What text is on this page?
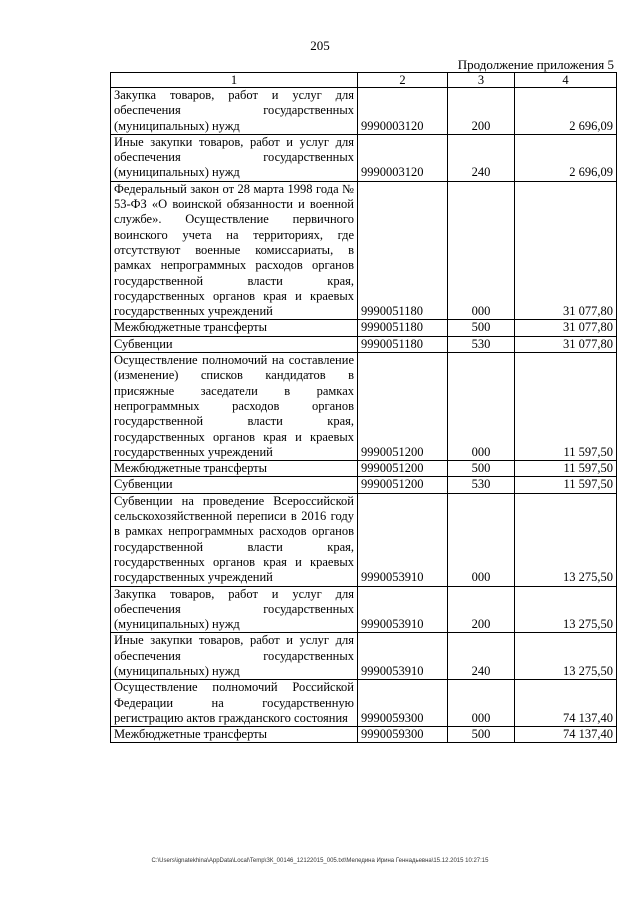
205
Продолжение приложения 5
1	2	3	4
Закупка товаров, работ и услуг для обеспечения государственных (муниципальных) нужд	9990003120	200	2 696,09
Иные закупки товаров, работ и услуг для обеспечения государственных (муниципальных) нужд	9990003120	240	2 696,09
Федеральный закон от 28 марта 1998 года № 53-ФЗ «О воинской обязанности и военной службе». Осуществление первичного воинского учета на территориях, где отсутствуют военные комиссариаты, в рамках непрограммных расходов органов государственной власти края, государственных органов края и краевых государственных учреждений	9990051180	000	31 077,80
Межбюджетные трансферты	9990051180	500	31 077,80
Субвенции	9990051180	530	31 077,80
Осуществление полномочий на составление (изменение) списков кандидатов в присяжные заседатели в рамках непрограммных расходов органов государственной власти края, государственных органов края и краевых государственных учреждений	9990051200	000	11 597,50
Межбюджетные трансферты	9990051200	500	11 597,50
Субвенции	9990051200	530	11 597,50
Субвенции на проведение Всероссийской сельскохозяйственной переписи в 2016 году в рамках непрограммных расходов органов государственной власти края, государственных органов края и краевых государственных учреждений	9990053910	000	13 275,50
Закупка товаров, работ и услуг для обеспечения государственных (муниципальных) нужд	9990053910	200	13 275,50
Иные закупки товаров, работ и услуг для обеспечения государственных (муниципальных) нужд	9990053910	240	13 275,50
Осуществление полномочий Российской Федерации на государственную регистрацию актов гражданского состояния	9990059300	000	74 137,40
Межбюджетные трансферты	9990059300	500	74 137,40
C:\Users\ignatekhina\AppData\Local\Temp\ЗК_00146_12122015_005.txt\Меледина Ирина Геннадьевна\15.12.2015 10:27:15
